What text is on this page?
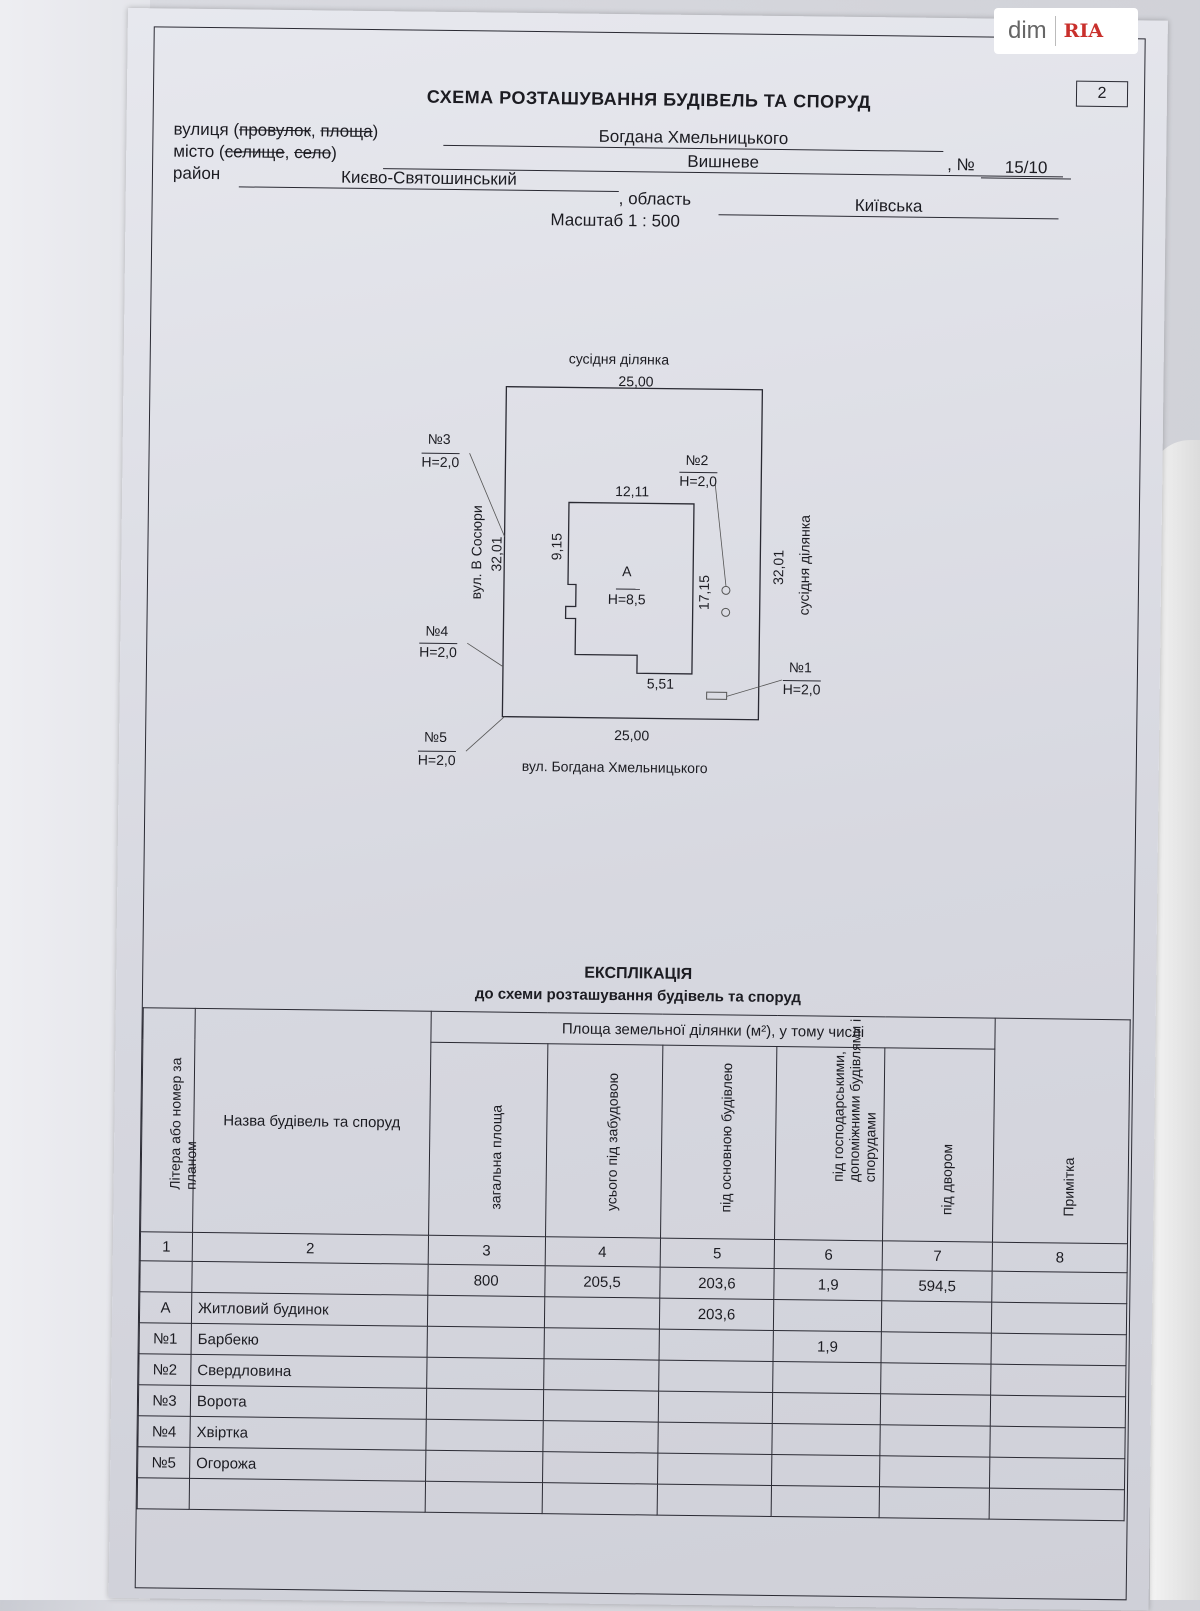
2
СХЕМА РОЗТАШУВАННЯ БУДІВЕЛЬ ТА СПОРУД
вулиця (провулок, площа)	Богдана Хмельницького
, №	15/10
місто (селище, село)	Вишневе
район	Києво-Святошинський
, область	Київська
Масштаб 1 : 500
сусідня ділянка
25,00
25,00
вул. Богдана Хмельницького
вул. В Сосюри 32,01	32,01 сусідня ділянка
12,11
9,15
17,15
5,51
А
Н=8,5
№2
Н=2,0
№3
Н=2,0
№4
Н=2,0
№5
Н=2,0
№1
Н=2,0
ЕКСПЛІКАЦІЯ
до схеми розташування будівель та споруд
Літера або номер за планом	Назва будівель та споруд	Площа земельної ділянки (м²), у тому числі					Примітка

		загальна площа	усього під забудовою	під основною будівлею	під господарськими, допоміжними будівлями і спорудами	під двором	

1	2	3	4	5	6	7	8
		800	205,5	203,6	1,9	594,5	
А	Житловий будинок			203,6			
№1	Барбекю				1,9		
№2	Свердловина						
№3	Ворота						
№4	Хвіртка						
№5	Огорожа						

dim RIA
